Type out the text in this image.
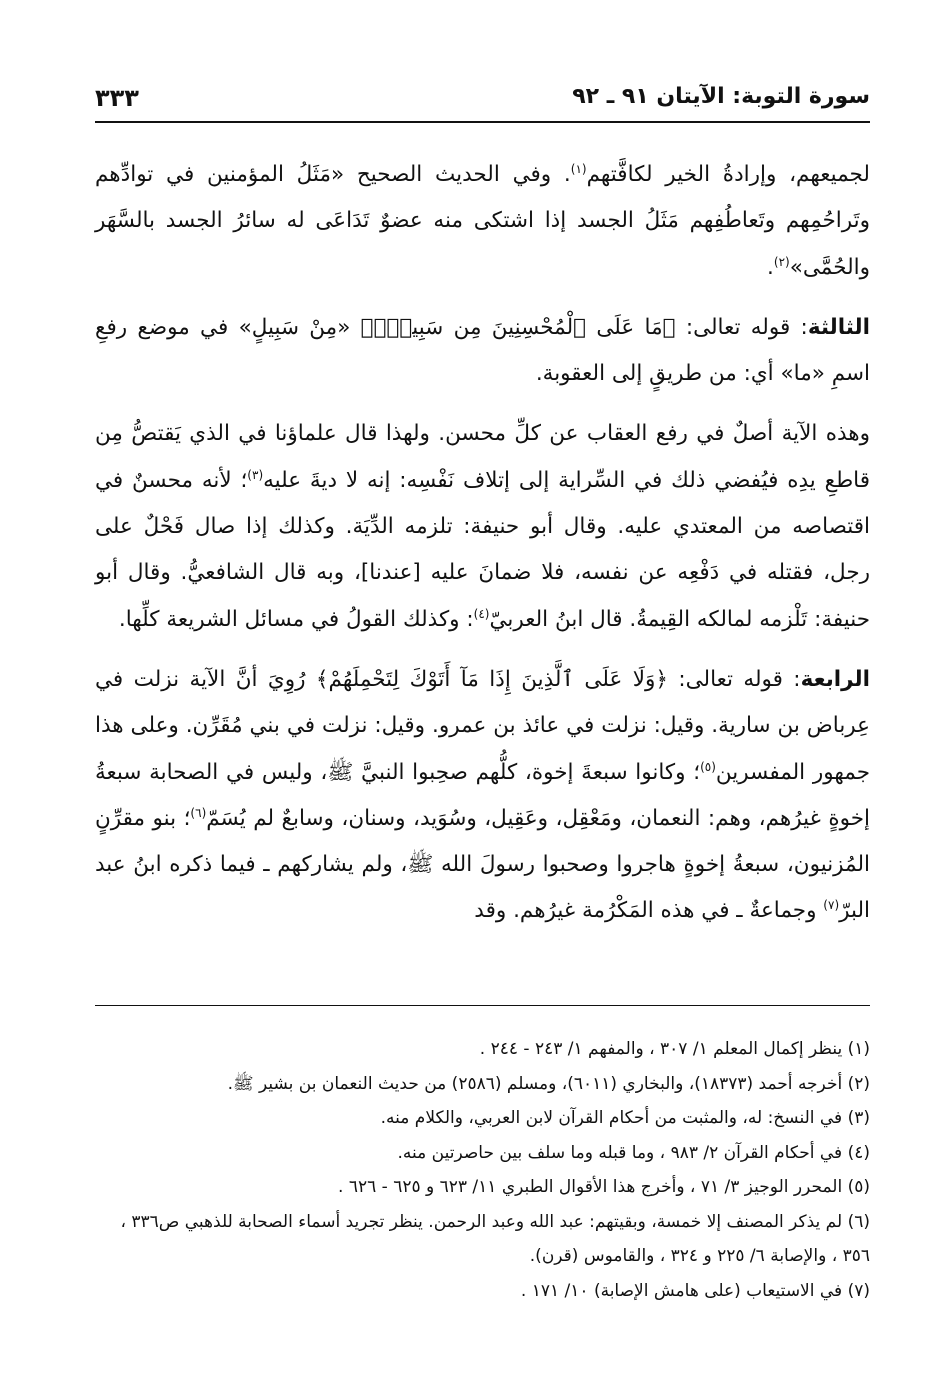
سورة التوبة: الآيتان ٩١ ـ ٩٢
٣٣٣

لجميعهم، وإرادةُ الخير لكافَّتهم$^{(١)}$. وفي الحديث الصحيح «مَثَلُ المؤمنين في توادِّهم وتَراحُمِهم وتَعاطُفِهم مَثَلُ الجسد إذا اشتكى منه عضوٌ تَدَاعَى له سائرُ الجسد بالسَّهَر والحُمَّى»$^{(٢)}$.

الثالثة: قوله تعالى: ﴿مَا عَلَى ٱلْمُحْسِنِينَ مِن سَبِيلٍۚ﴾ «مِنْ سَبِيلٍ» في موضع رفعِ اسمِ «ما» أي: من طريقٍ إلى العقوبة.

وهذه الآية أصلٌ في رفع العقاب عن كلِّ محسن. ولهذا قال علماؤنا في الذي يَقتصُّ مِن قاطعِ يدِه فيُفضي ذلك في السِّراية إلى إتلاف نَفْسِه: إنه لا ديةَ عليه$^{(٣)}$؛ لأنه محسنٌ في اقتصاصه من المعتدي عليه. وقال أبو حنيفة: تلزمه الدِّيَة. وكذلك إذا صال فَحْلٌ على رجل، فقتله في دَفْعِه عن نفسه، فلا ضمانَ عليه [عندنا]، وبه قال الشافعيُّ. وقال أبو حنيفة: تَلْزمه لمالكه القِيمةُ. قال ابنُ العربيّ$^{(٤)}$: وكذلك القولُ في مسائل الشريعة كلِّها.

الرابعة: قوله تعالى: ﴿وَلَا عَلَى ٱلَّذِينَ إِذَا مَآ أَتَوْكَ لِتَحْمِلَهُمْ﴾ رُوِيَ أنَّ الآية نزلت في عِرباض بن سارية. وقيل: نزلت في عائذ بن عمرو. وقيل: نزلت في بني مُقَرِّن. وعلى هذا جمهور المفسرين$^{(٥)}$؛ وكانوا سبعةَ إخوة، كلُّهم صحِبوا النبيَّ ﷺ، وليس في الصحابة سبعةُ إخوةٍ غيرُهم، وهم: النعمان، ومَعْقِل، وعَقِيل، وسُوَيد، وسنان، وسابعٌ لم يُسَمّ$^{(٦)}$؛ بنو مقرِّنٍ المُزنيون، سبعةُ إخوةٍ هاجروا وصحبوا رسولَ الله ﷺ، ولم يشاركهم ـ فيما ذكره ابنُ عبد البرّ$^{(٧)}$ وجماعةٌ ـ في هذه المَكْرُمة غيرُهم. وقد

(١) ينظر إكمال المعلم ١/ ٣٠٧ ، والمفهم ١/ ٢٤٣ - ٢٤٤ .

(٢) أخرجه أحمد (١٨٣٧٣)، والبخاري (٦٠١١)، ومسلم (٢٥٨٦) من حديث النعمان بن بشير ﷺ.

(٣) في النسخ: له، والمثبت من أحكام القرآن لابن العربي، والكلام منه.

(٤) في أحكام القرآن ٢/ ٩٨٣ ، وما قبله وما سلف بين حاصرتين منه.

(٥) المحرر الوجيز ٣/ ٧١ ، وأخرج هذا الأقوال الطبري ١١/ ٦٢٣ و ٦٢٥ - ٦٢٦ .

(٦) لم يذكر المصنف إلا خمسة، وبقيتهم: عبد الله وعبد الرحمن. ينظر تجريد أسماء الصحابة للذهبي ص٣٣٦ ، ٣٥٦ ، والإصابة ٦/ ٢٢٥ و ٣٢٤ ، والقاموس (قرن).

(٧) في الاستيعاب (على هامش الإصابة) ١٠/ ١٧١ .
